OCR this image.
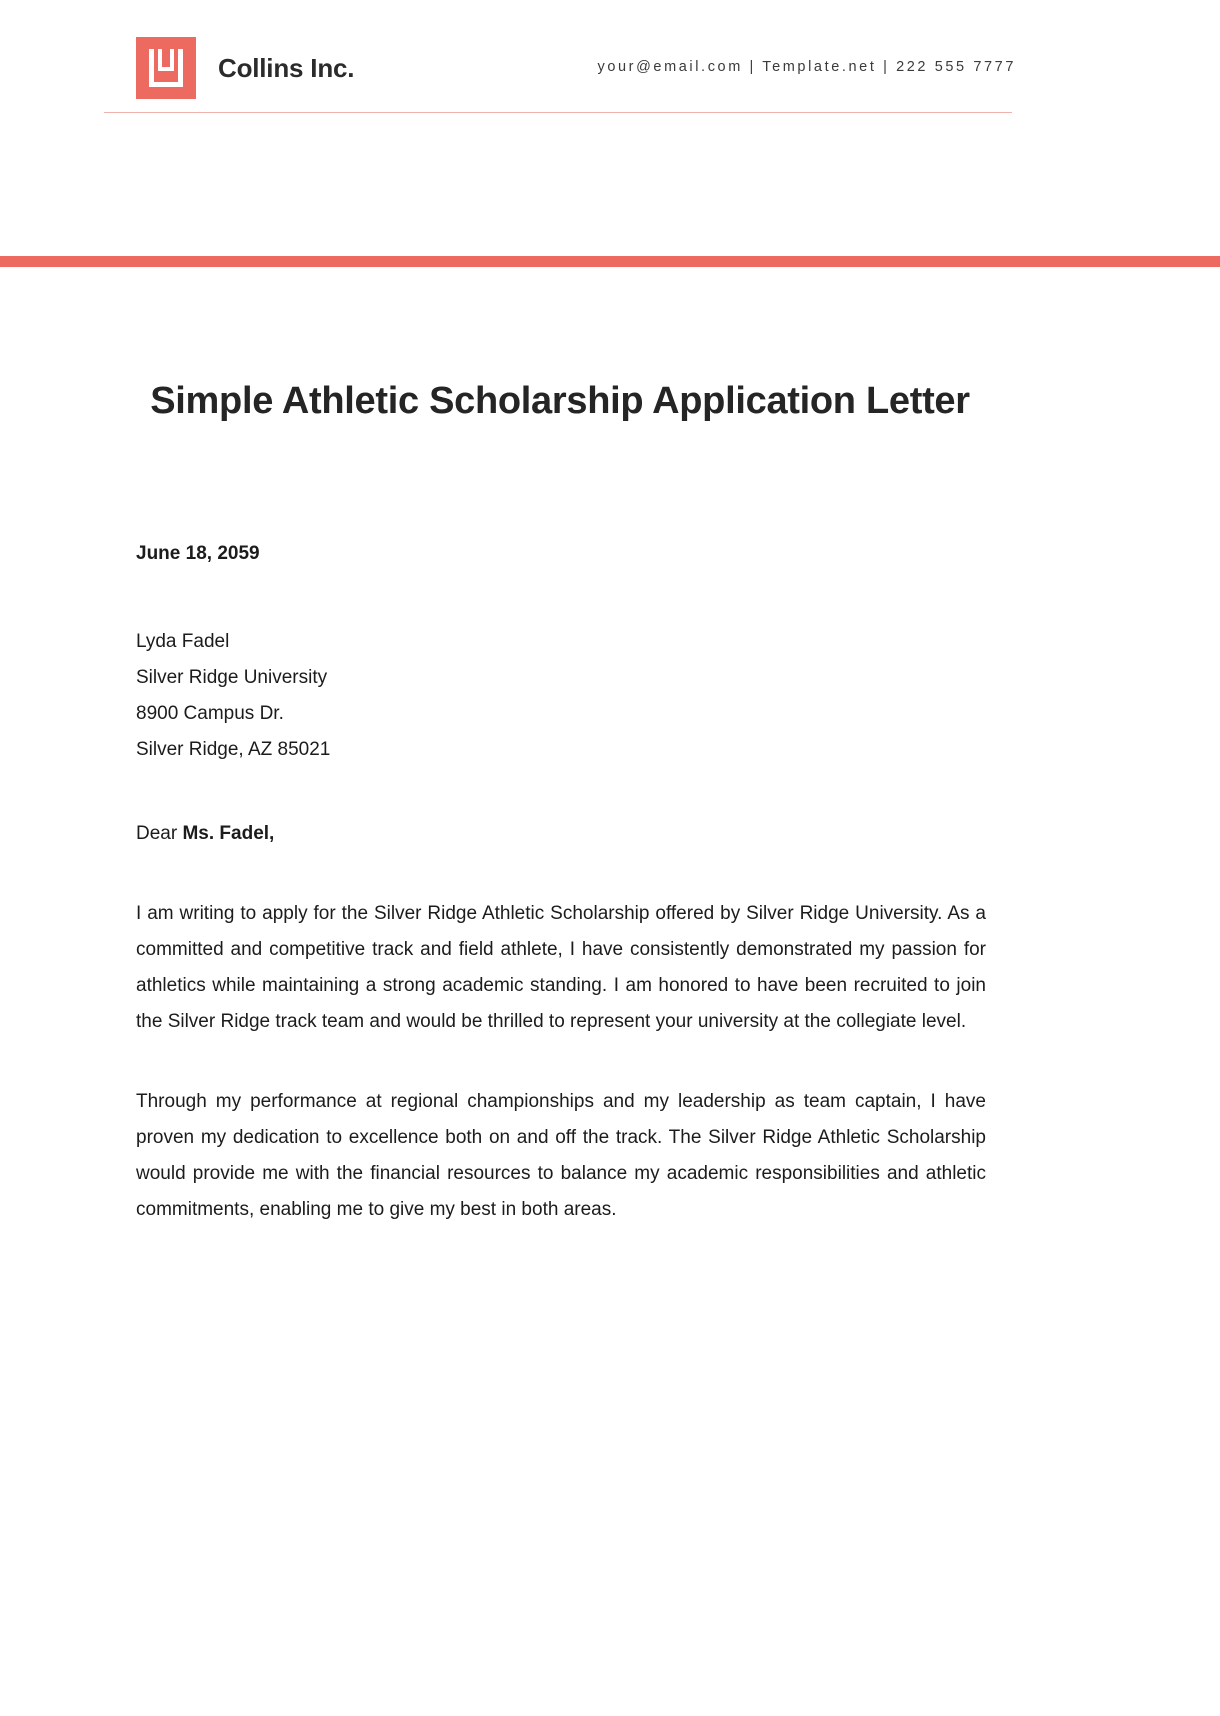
Collins Inc.	your@email.com | Template.net | 222 555 7777
Simple Athletic Scholarship Application Letter
June 18, 2059
Lyda Fadel
Silver Ridge University
8900 Campus Dr.
Silver Ridge, AZ 85021
Dear Ms. Fadel,

I am writing to apply for the Silver Ridge Athletic Scholarship offered by Silver Ridge University. As a committed and competitive track and field athlete, I have consistently demonstrated my passion for athletics while maintaining a strong academic standing. I am honored to have been recruited to join the Silver Ridge track team and would be thrilled to represent your university at the collegiate level.

Through my performance at regional championships and my leadership as team captain, I have proven my dedication to excellence both on and off the track. The Silver Ridge Athletic Scholarship would provide me with the financial resources to balance my academic responsibilities and athletic commitments, enabling me to give my best in both areas.
